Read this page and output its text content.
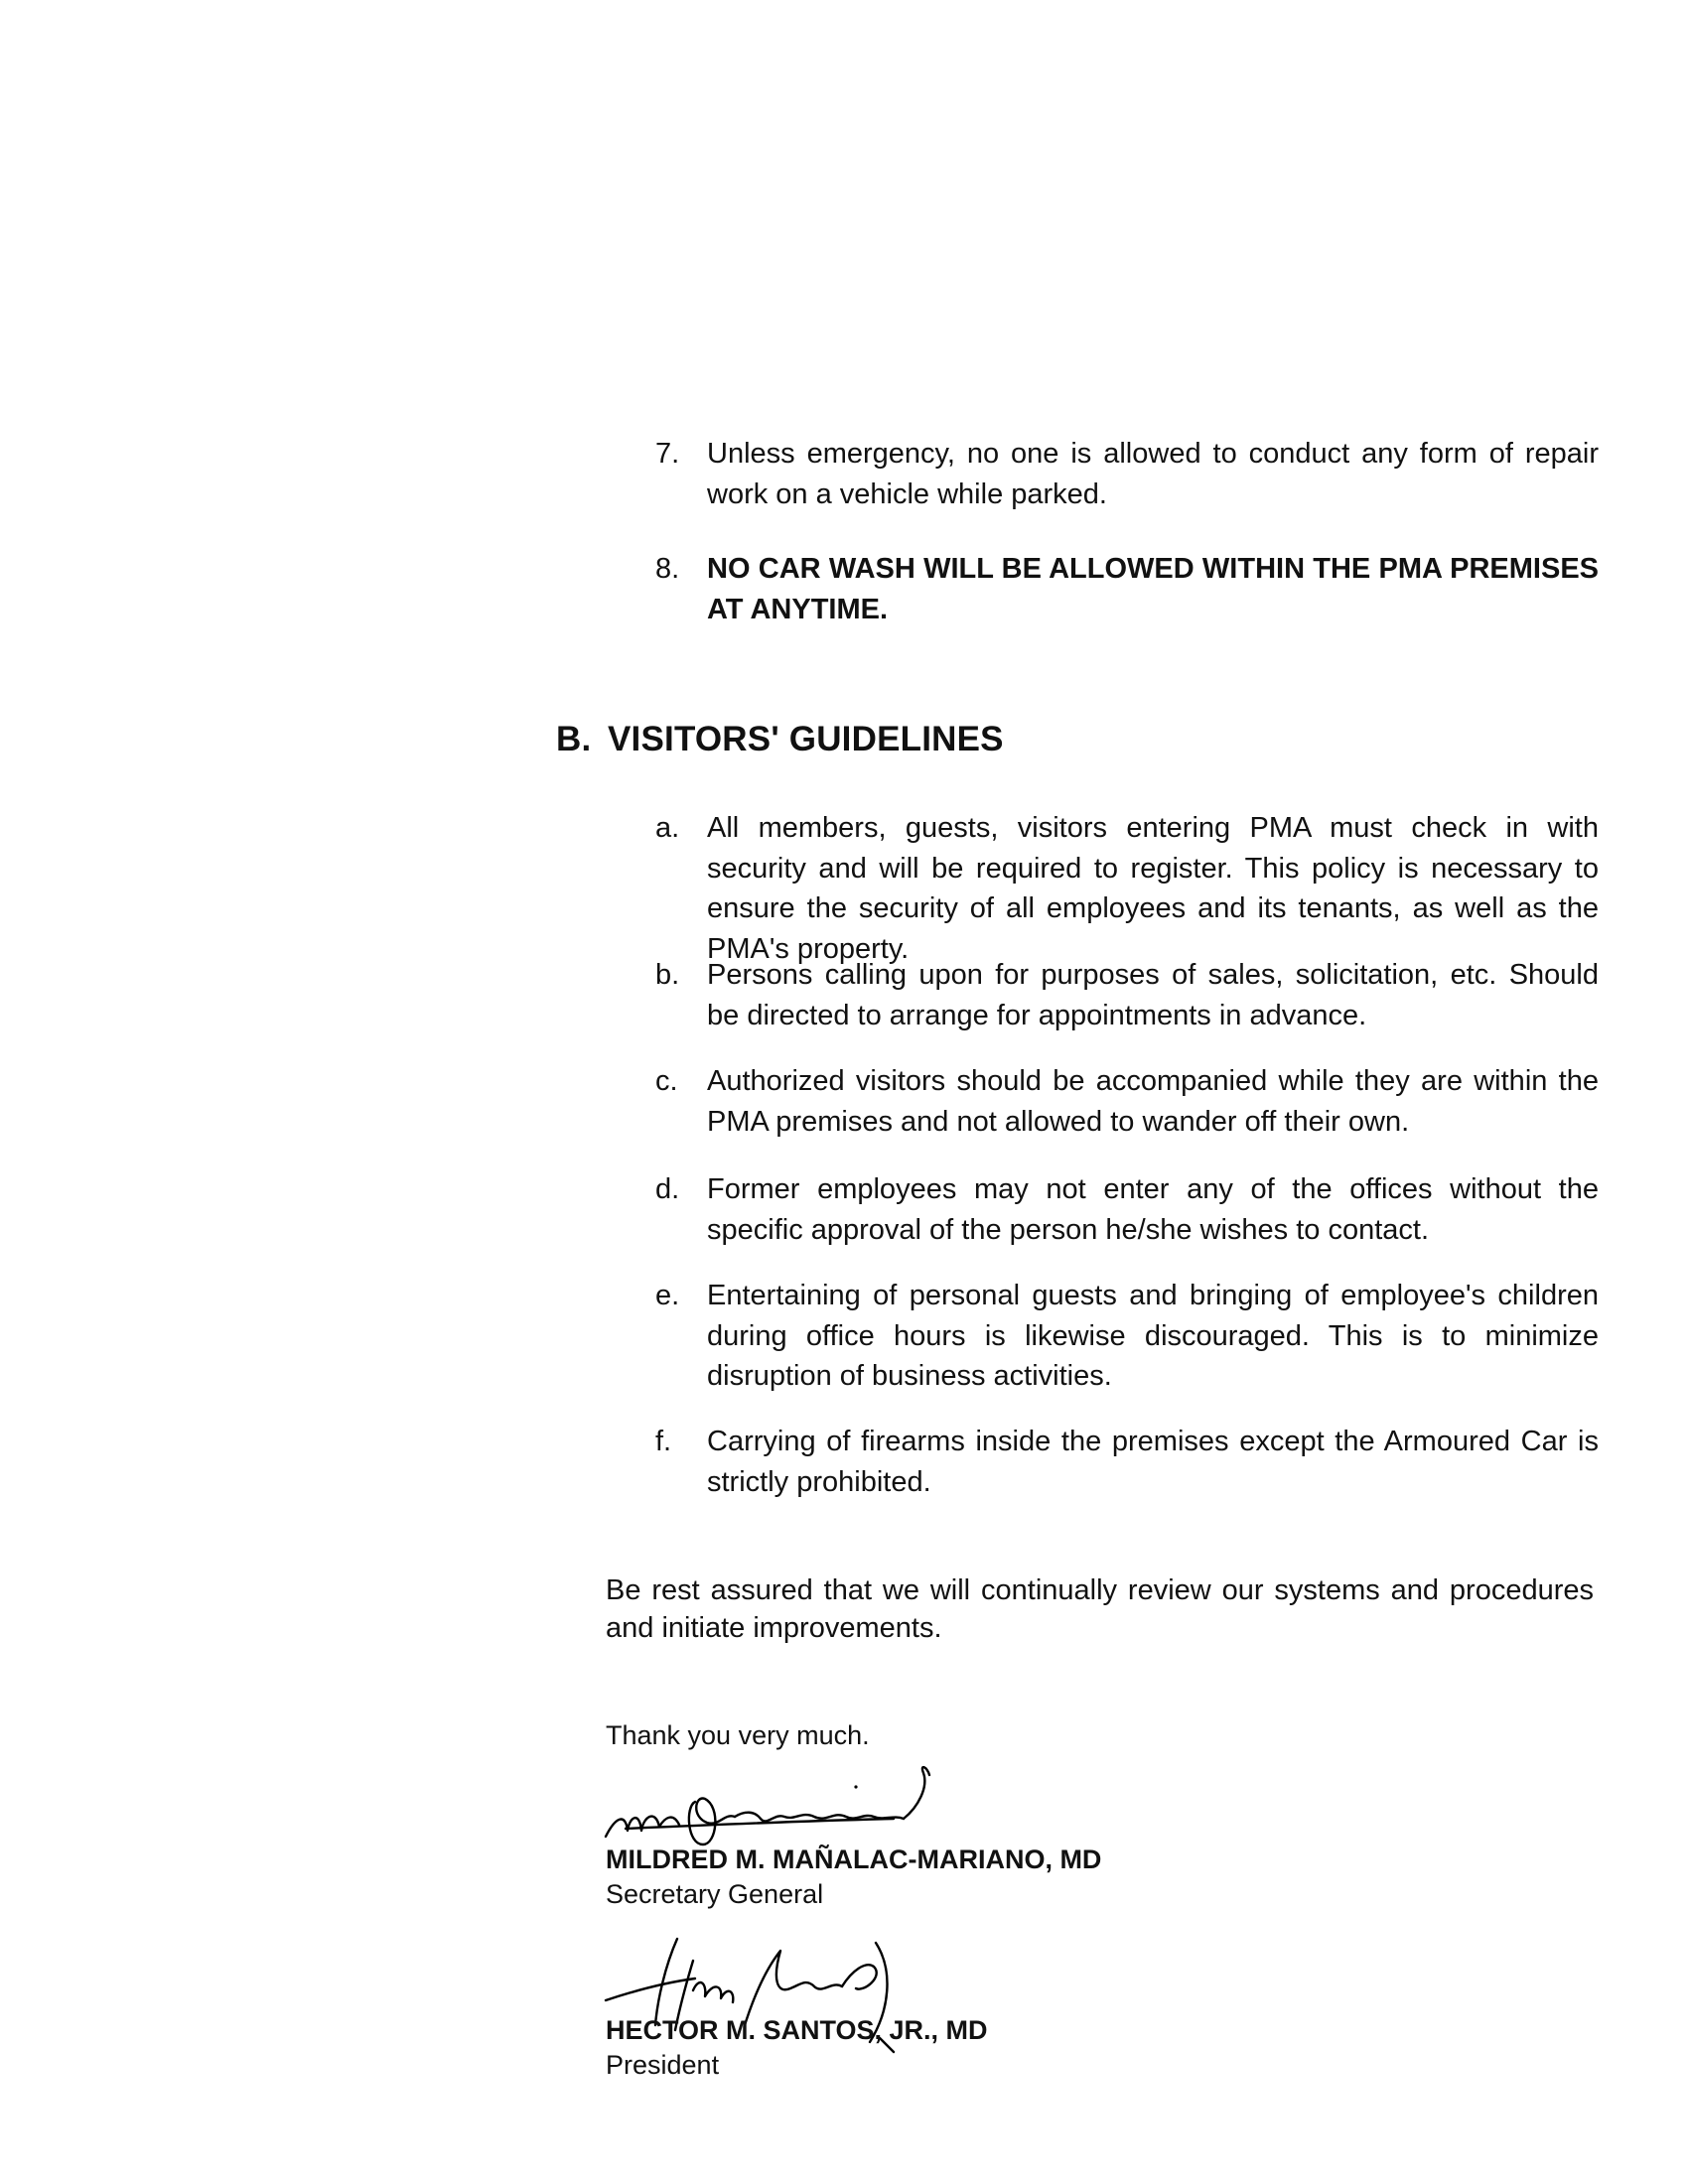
7. Unless emergency, no one is allowed to conduct any form of repair work on a vehicle while parked.
8. NO CAR WASH WILL BE ALLOWED WITHIN THE PMA PREMISES AT ANYTIME.
B. VISITORS' GUIDELINES
a. All members, guests, visitors entering PMA must check in with security and will be required to register. This policy is necessary to ensure the security of all employees and its tenants, as well as the PMA's property.
b. Persons calling upon for purposes of sales, solicitation, etc. Should be directed to arrange for appointments in advance.
c.	Authorized visitors should be accompanied while they are within the PMA premises and not allowed to wander off their own.
d. Former employees may not enter any of the offices without the specific approval of the person he/she wishes to contact.
e. Entertaining of personal guests and bringing of employee's children during office hours is likewise discouraged. This is to minimize disruption of business activities.
f.	Carrying of firearms inside the premises except the Armoured Car is strictly prohibited.
Be rest assured that we will continually review our systems and procedures and initiate improvements.
Thank you very much.
MILDRED M. MAÑALAC-MARIANO, MD
Secretary General
HECTOR M. SANTOS, JR., MD
President
